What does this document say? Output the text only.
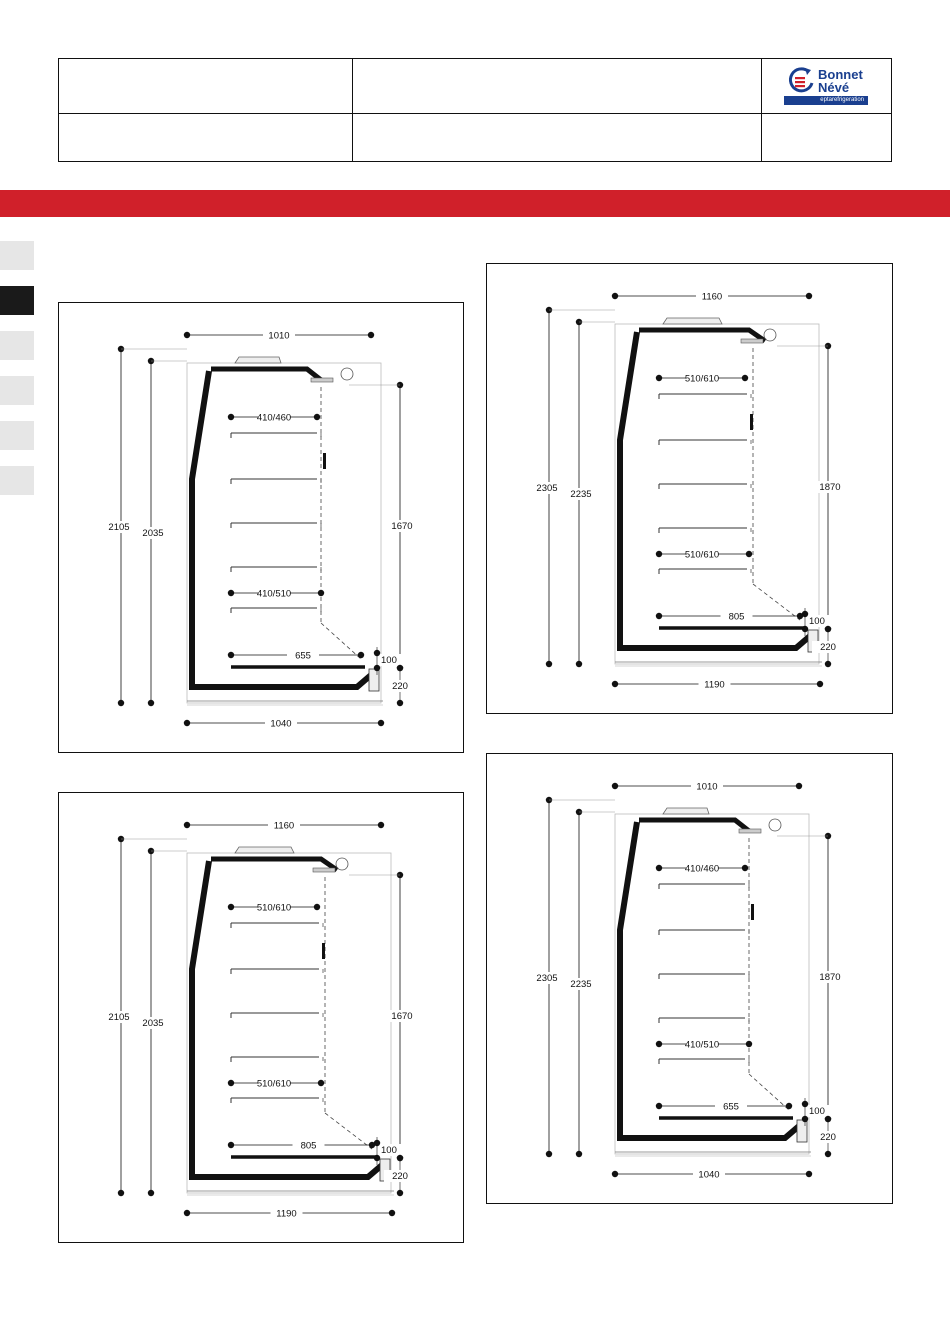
Bonnet
Névé
eptarefrigeration
1010
1040
2105
2035
1670
100
220
410/460
410/510
655
1160
1190
2305
2235
1870
100
220
510/610
510/610
805
1160
1190
2105
2035
1670
100
220
510/610
510/610
805
1010
1040
2305
2235
1870
100
220
410/460
410/510
655
